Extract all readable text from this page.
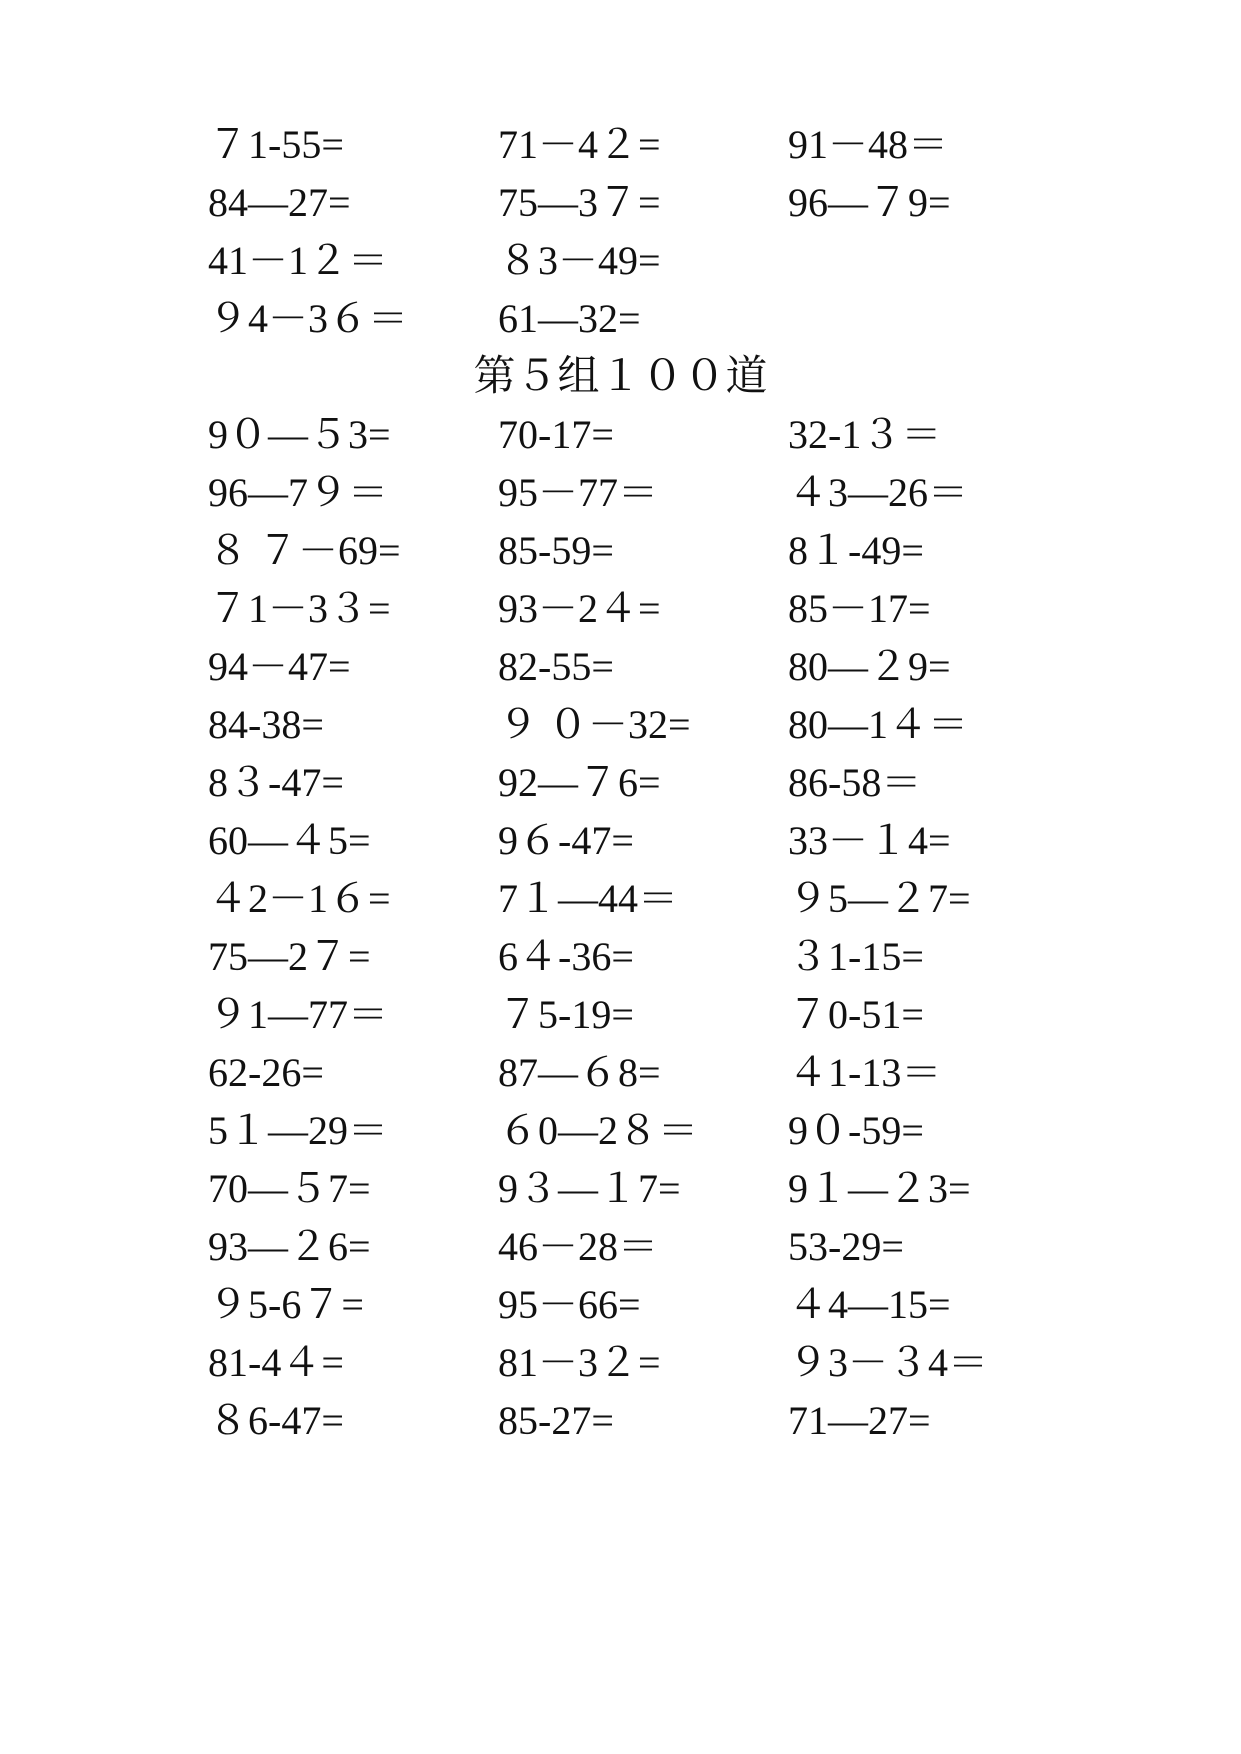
７1-55=	71－4２=	91－48＝
84—27=	75—3７=	96—７9=
41－1２＝	８3－49=
９4－3６＝ 61—32=
第５组１００道
9０—５3=	70-17=	32-1３＝
96—7９＝	95－77＝	４3—26＝
８ ７－69= 85-59=	8１-49=
７1－3３=	93－2４=	85－17=
94－47=	82-55=	80—２9=
84-38=	９ ０－32= 80—1４＝
8３-47=	92—７6=	86-58＝
60—４5=	9６-47=	33－１4=
４2－1６=	7１—44＝	９5—２7=
75—2７=	6４-36=	３1-15=
９1—77＝	７5-19=	７0-51=
62-26=	87—６8=	４1-13＝
5１—29＝	６0—2８＝ 9０-59=
70—５7=	9３—１7=	9１—２3=
93—２6=	46－28＝	53-29=
９5-6７=	95－66=	４4—15=
81-4４=	81－3２=	９3－３4＝
８6-47=	85-27=	71—27=
